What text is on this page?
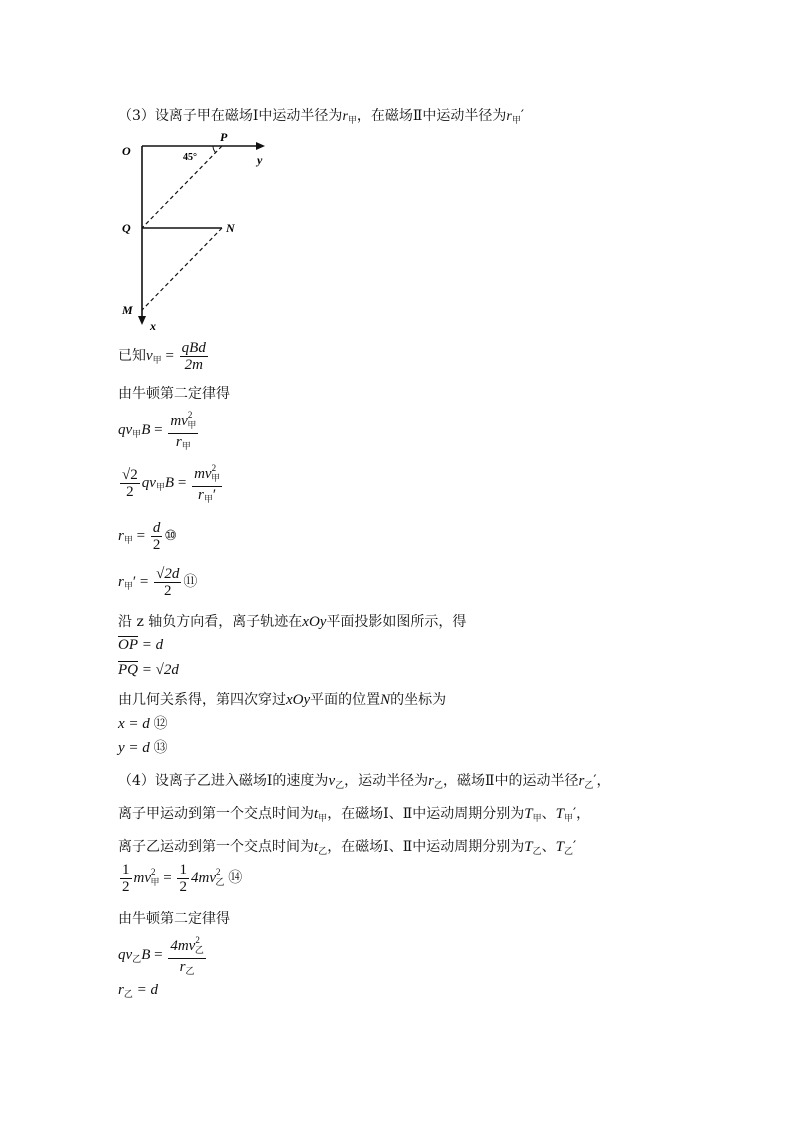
（3）设离子甲在磁场Ⅰ中运动半径为$r_甲$，在磁场Ⅱ中运动半径为$r_甲'$
O
P
y
45°
Q	N
M
x
已知$v_甲 = \frac{\text{qBd}}{2m}$
由牛顿第二定律得
$qv_甲B = \frac{mv^2_甲}{r_甲}$
$\frac{√2}{2} qv_甲B = \frac{mv^2_甲}{r_甲'}$
$r_甲 = \frac{d}{2}$ ⑩
$r_甲' = \frac{√2d}{2}$ ⑪
沿 z 轴负方向看，离子轨迹在xOy平面投影如图所示，得
$\overline{OP} = d$
$\overline{PQ} = √2d$
由几何关系得，第四次穿过xOy平面的位置N的坐标为
x = d ⑫
y = d ⑬
（4）设离子乙进入磁场Ⅰ的速度为$v_乙$，运动半径为$r_乙$，磁场Ⅱ中的运动半径$r_乙'$，
离子甲运动到第一个交点时间为$t_甲$，在磁场Ⅰ、Ⅱ中运动周期分别为$T_甲$、$T_甲'$，
离子乙运动到第一个交点时间为$t_乙$，在磁场Ⅰ、Ⅱ中运动周期分别为$T_乙$、$T_乙'$
$\frac{1}{2} mv^2_甲 = \frac{1}{2} 4mv^2_乙$ ⑭
由牛顿第二定律得
$qv_乙B = \frac{4mv^2_乙}{r_乙}$
$r_乙 = d$
